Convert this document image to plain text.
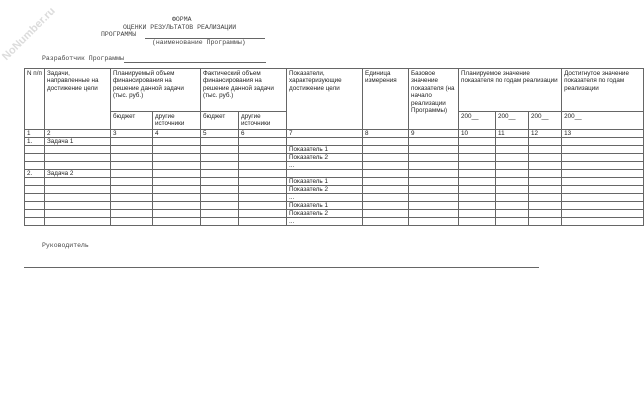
NoNumber.ru	ФОРМА
ОЦЕНКИ РЕЗУЛЬТАТОВ РЕАЛИЗАЦИИ
ПРОГРАММЫ
(наименование Программы)
Разработчик Программы
N п/п	Задачи, направленные на достижение цели	Планируемый объем финансирования на решение данной задачи (тыс. руб.)		Фактический объем финансирования на решение данной задачи (тыс. руб.)		Показатели, характеризующие достижение цели	Единица измерения	Базовое значение показателя (на начало реализации Программы)	Планируемое значение показателя по годам реализации			Достигнутое значение показателя по годам реализации
		бюджет	другие источники	бюджет	другие источники				200__	200__	200__	200__
1	2	3	4	5	6	7	8	9	10	11	12	13
1.	Задача 1											
						Показатель 1						
						Показатель 2						
						...						
2.	Задача 2											
						Показатель 1						
						Показатель 2						
						...						
						Показатель 1						
						Показатель 2						
						...						
Руководитель
